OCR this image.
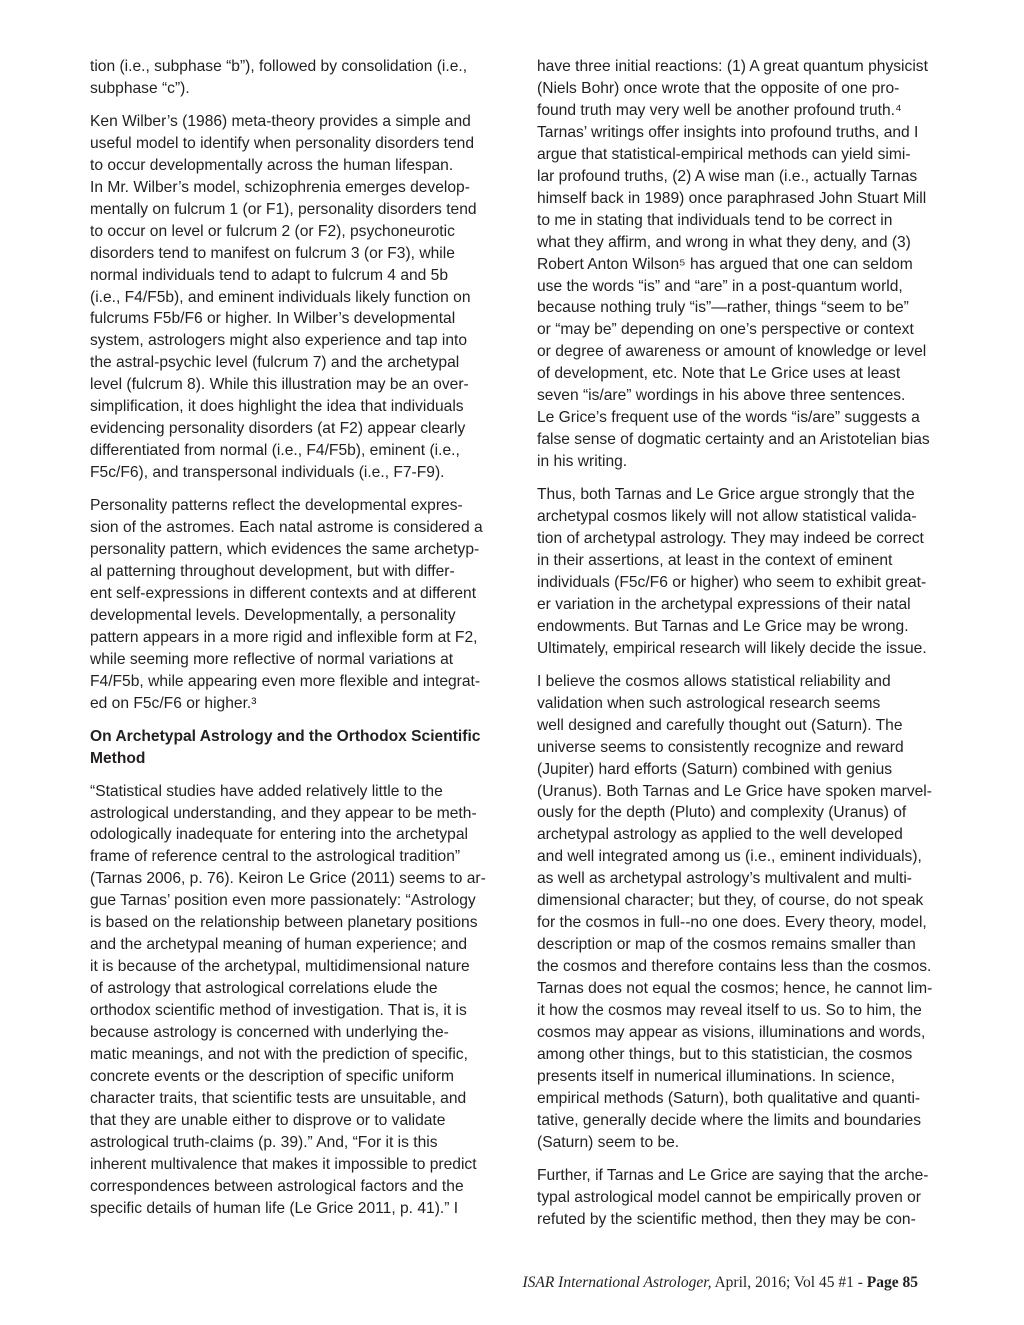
tion (i.e., subphase “b”), followed by consolidation (i.e.,
subphase “c”).

Ken Wilber’s (1986) meta-theory provides a simple and
useful model to identify when personality disorders tend
to occur developmentally across the human lifespan.
In Mr. Wilber’s model, schizophrenia emerges develop-
mentally on fulcrum 1 (or F1), personality disorders tend
to occur on level or fulcrum 2 (or F2), psychoneurotic
disorders tend to manifest on fulcrum 3 (or F3), while
normal individuals tend to adapt to fulcrum 4 and 5b
(i.e., F4/F5b), and eminent individuals likely function on
fulcrums F5b/F6 or higher. In Wilber’s developmental
system, astrologers might also experience and tap into
the astral-psychic level (fulcrum 7) and the archetypal
level (fulcrum 8). While this illustration may be an over-
simplification, it does highlight the idea that individuals
evidencing personality disorders (at F2) appear clearly
differentiated from normal (i.e., F4/F5b), eminent (i.e.,
F5c/F6), and transpersonal individuals (i.e., F7-F9).

Personality patterns reflect the developmental expres-
sion of the astromes. Each natal astrome is considered a
personality pattern, which evidences the same archetyp-
al patterning throughout development, but with differ-
ent self-expressions in different contexts and at different
developmental levels. Developmentally, a personality
pattern appears in a more rigid and inflexible form at F2,
while seeming more reflective of normal variations at
F4/F5b, while appearing even more flexible and integrat-
ed on F5c/F6 or higher.³

On Archetypal Astrology and the Orthodox Scientific
Method

“Statistical studies have added relatively little to the
astrological understanding, and they appear to be meth-
odologically inadequate for entering into the archetypal
frame of reference central to the astrological tradition”
(Tarnas 2006, p. 76). Keiron Le Grice (2011) seems to ar-
gue Tarnas’ position even more passionately: “Astrology
is based on the relationship between planetary positions
and the archetypal meaning of human experience; and
it is because of the archetypal, multidimensional nature
of astrology that astrological correlations elude the
orthodox scientific method of investigation. That is, it is
because astrology is concerned with underlying the-
matic meanings, and not with the prediction of specific,
concrete events or the description of specific uniform
character traits, that scientific tests are unsuitable, and
that they are unable either to disprove or to validate
astrological truth-claims (p. 39).” And, “For it is this
inherent multivalence that makes it impossible to predict
correspondences between astrological factors and the
specific details of human life (Le Grice 2011, p. 41).” I

have three initial reactions: (1) A great quantum physicist
(Niels Bohr) once wrote that the opposite of one pro-
found truth may very well be another profound truth.⁴
Tarnas’ writings offer insights into profound truths, and I
argue that statistical-empirical methods can yield simi-
lar profound truths, (2) A wise man (i.e., actually Tarnas
himself back in 1989) once paraphrased John Stuart Mill
to me in stating that individuals tend to be correct in
what they affirm, and wrong in what they deny, and (3)
Robert Anton Wilson⁵ has argued that one can seldom
use the words “is” and “are” in a post-quantum world,
because nothing truly “is”—rather, things “seem to be”
or “may be” depending on one’s perspective or context
or degree of awareness or amount of knowledge or level
of development, etc. Note that Le Grice uses at least
seven “is/are” wordings in his above three sentences.
Le Grice’s frequent use of the words “is/are” suggests a
false sense of dogmatic certainty and an Aristotelian bias
in his writing.

Thus, both Tarnas and Le Grice argue strongly that the
archetypal cosmos likely will not allow statistical valida-
tion of archetypal astrology. They may indeed be correct
in their assertions, at least in the context of eminent
individuals (F5c/F6 or higher) who seem to exhibit great-
er variation in the archetypal expressions of their natal
endowments. But Tarnas and Le Grice may be wrong.
Ultimately, empirical research will likely decide the issue.

I believe the cosmos allows statistical reliability and
validation when such astrological research seems
well designed and carefully thought out (Saturn). The
universe seems to consistently recognize and reward
(Jupiter) hard efforts (Saturn) combined with genius
(Uranus). Both Tarnas and Le Grice have spoken marvel-
ously for the depth (Pluto) and complexity (Uranus) of
archetypal astrology as applied to the well developed
and well integrated among us (i.e., eminent individuals),
as well as archetypal astrology’s multivalent and multi-
dimensional character; but they, of course, do not speak
for the cosmos in full--no one does. Every theory, model,
description or map of the cosmos remains smaller than
the cosmos and therefore contains less than the cosmos.
Tarnas does not equal the cosmos; hence, he cannot lim-
it how the cosmos may reveal itself to us. So to him, the
cosmos may appear as visions, illuminations and words,
among other things, but to this statistician, the cosmos
presents itself in numerical illuminations. In science,
empirical methods (Saturn), both qualitative and quanti-
tative, generally decide where the limits and boundaries
(Saturn) seem to be.

Further, if Tarnas and Le Grice are saying that the arche-
typal astrological model cannot be empirically proven or
refuted by the scientific method, then they may be con-

ISAR International Astrologer, April, 2016; Vol 45 #1 - Page 85
